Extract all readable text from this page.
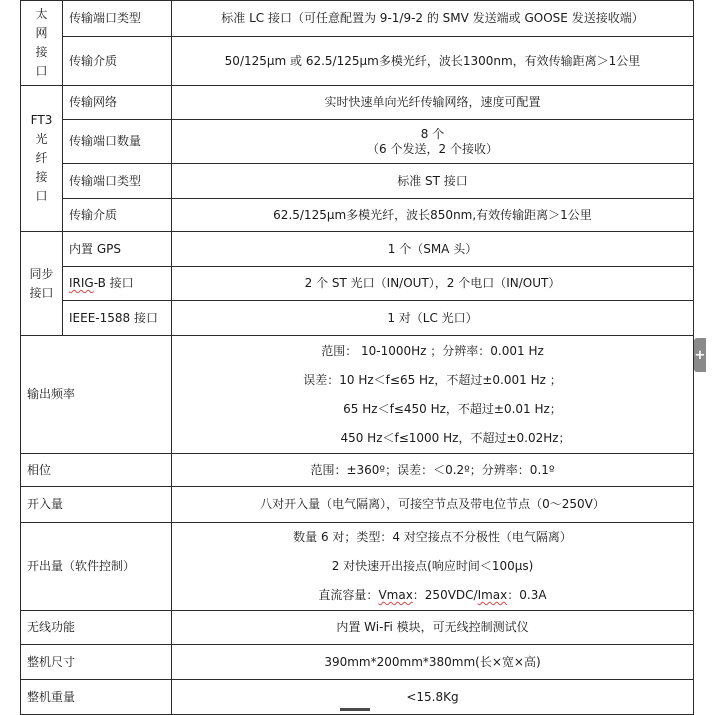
太网接口	传输端口类型	标准 LC 接口（可任意配置为 9-1/9-2 的 SMV 发送端或 GOOSE 发送接收端）
	传输介质	50/125μm 或 62.5/125μm多模光纤，波长1300nm，有效传输距离＞1公里
FT3光纤接口	传输网络	实时快速单向光纤传输网络，速度可配置
	传输端口数量	8 个
（6 个发送，2 个接收）

	传输端口类型	标准 ST 接口
	传输介质	62.5/125μm多模光纤，波长850nm,有效传输距离＞1公里
同步接口	内置 GPS	1 个（SMA 头）
	IRIG-B 接口	2 个 ST 光口（IN/OUT），2 个电口（IN/OUT）
	IEEE-1588 接口	1 对（LC 光口）
输出频率		范围： 10-1000Hz ；分辨率：0.001 Hz
误差：10 Hz＜f≤65 Hz，不超过±0.001 Hz ；
65 Hz＜f≤450 Hz，不超过±0.01 Hz；
450 Hz＜f≤1000 Hz，不超过±0.02Hz；

相位		范围：±360º；误差：＜0.2º；分辨率：0.1º
开入量		八对开入量（电气隔离），可接空节点及带电位节点（0～250V）
开出量（软件控制）		数量 6 对；类型：4 对空接点不分极性（电气隔离）
2 对快速开出接点(响应时间＜100μs)
直流容量：Vmax：250VDC/Imax：0.3A

无线功能		内置 Wi-Fi 模块，可无线控制测试仪
整机尺寸		390mm*200mm*380mm(长×宽×高)
整机重量		<15.8Kg
+
